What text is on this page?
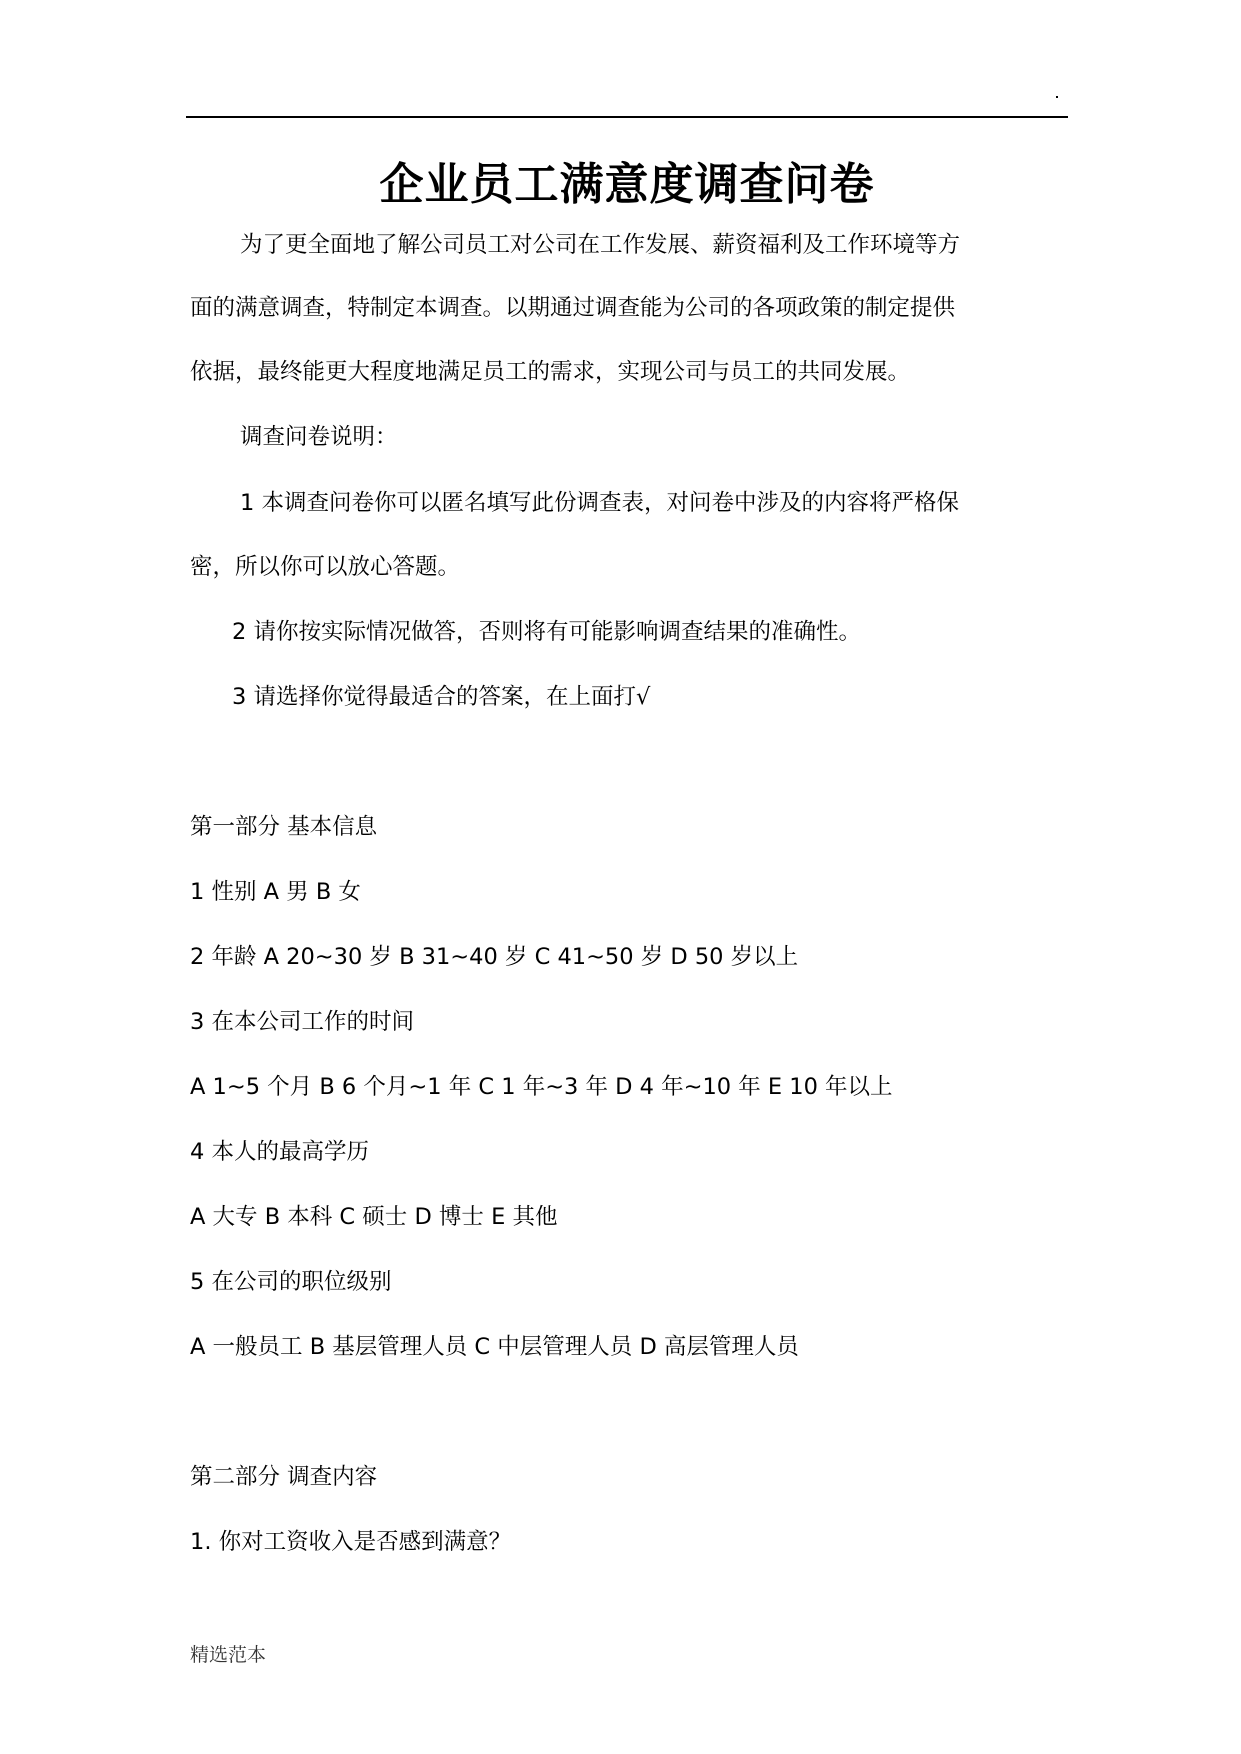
企业员工满意度调查问卷
为了更全面地了解公司员工对公司在工作发展、薪资福利及工作环境等方
面的满意调查，特制定本调查。以期通过调查能为公司的各项政策的制定提供
依据，最终能更大程度地满足员工的需求，实现公司与员工的共同发展。
调查问卷说明：
1 本调查问卷你可以匿名填写此份调查表，对问卷中涉及的内容将严格保
密，所以你可以放心答题。
2 请你按实际情况做答，否则将有可能影响调查结果的准确性。
3 请选择你觉得最适合的答案，在上面打√
第一部分 基本信息
1 性别 A 男 B 女
2 年龄 A 20~30 岁 B 31~40 岁 C 41~50 岁 D 50 岁以上
3 在本公司工作的时间
A 1~5 个月 B 6 个月~1 年 C 1 年~3 年 D 4 年~10 年 E 10 年以上
4 本人的最高学历
A 大专 B 本科 C 硕士 D 博士 E 其他
5 在公司的职位级别
A 一般员工 B 基层管理人员 C 中层管理人员 D 高层管理人员
第二部分 调查内容
1. 你对工资收入是否感到满意？
精选范本
